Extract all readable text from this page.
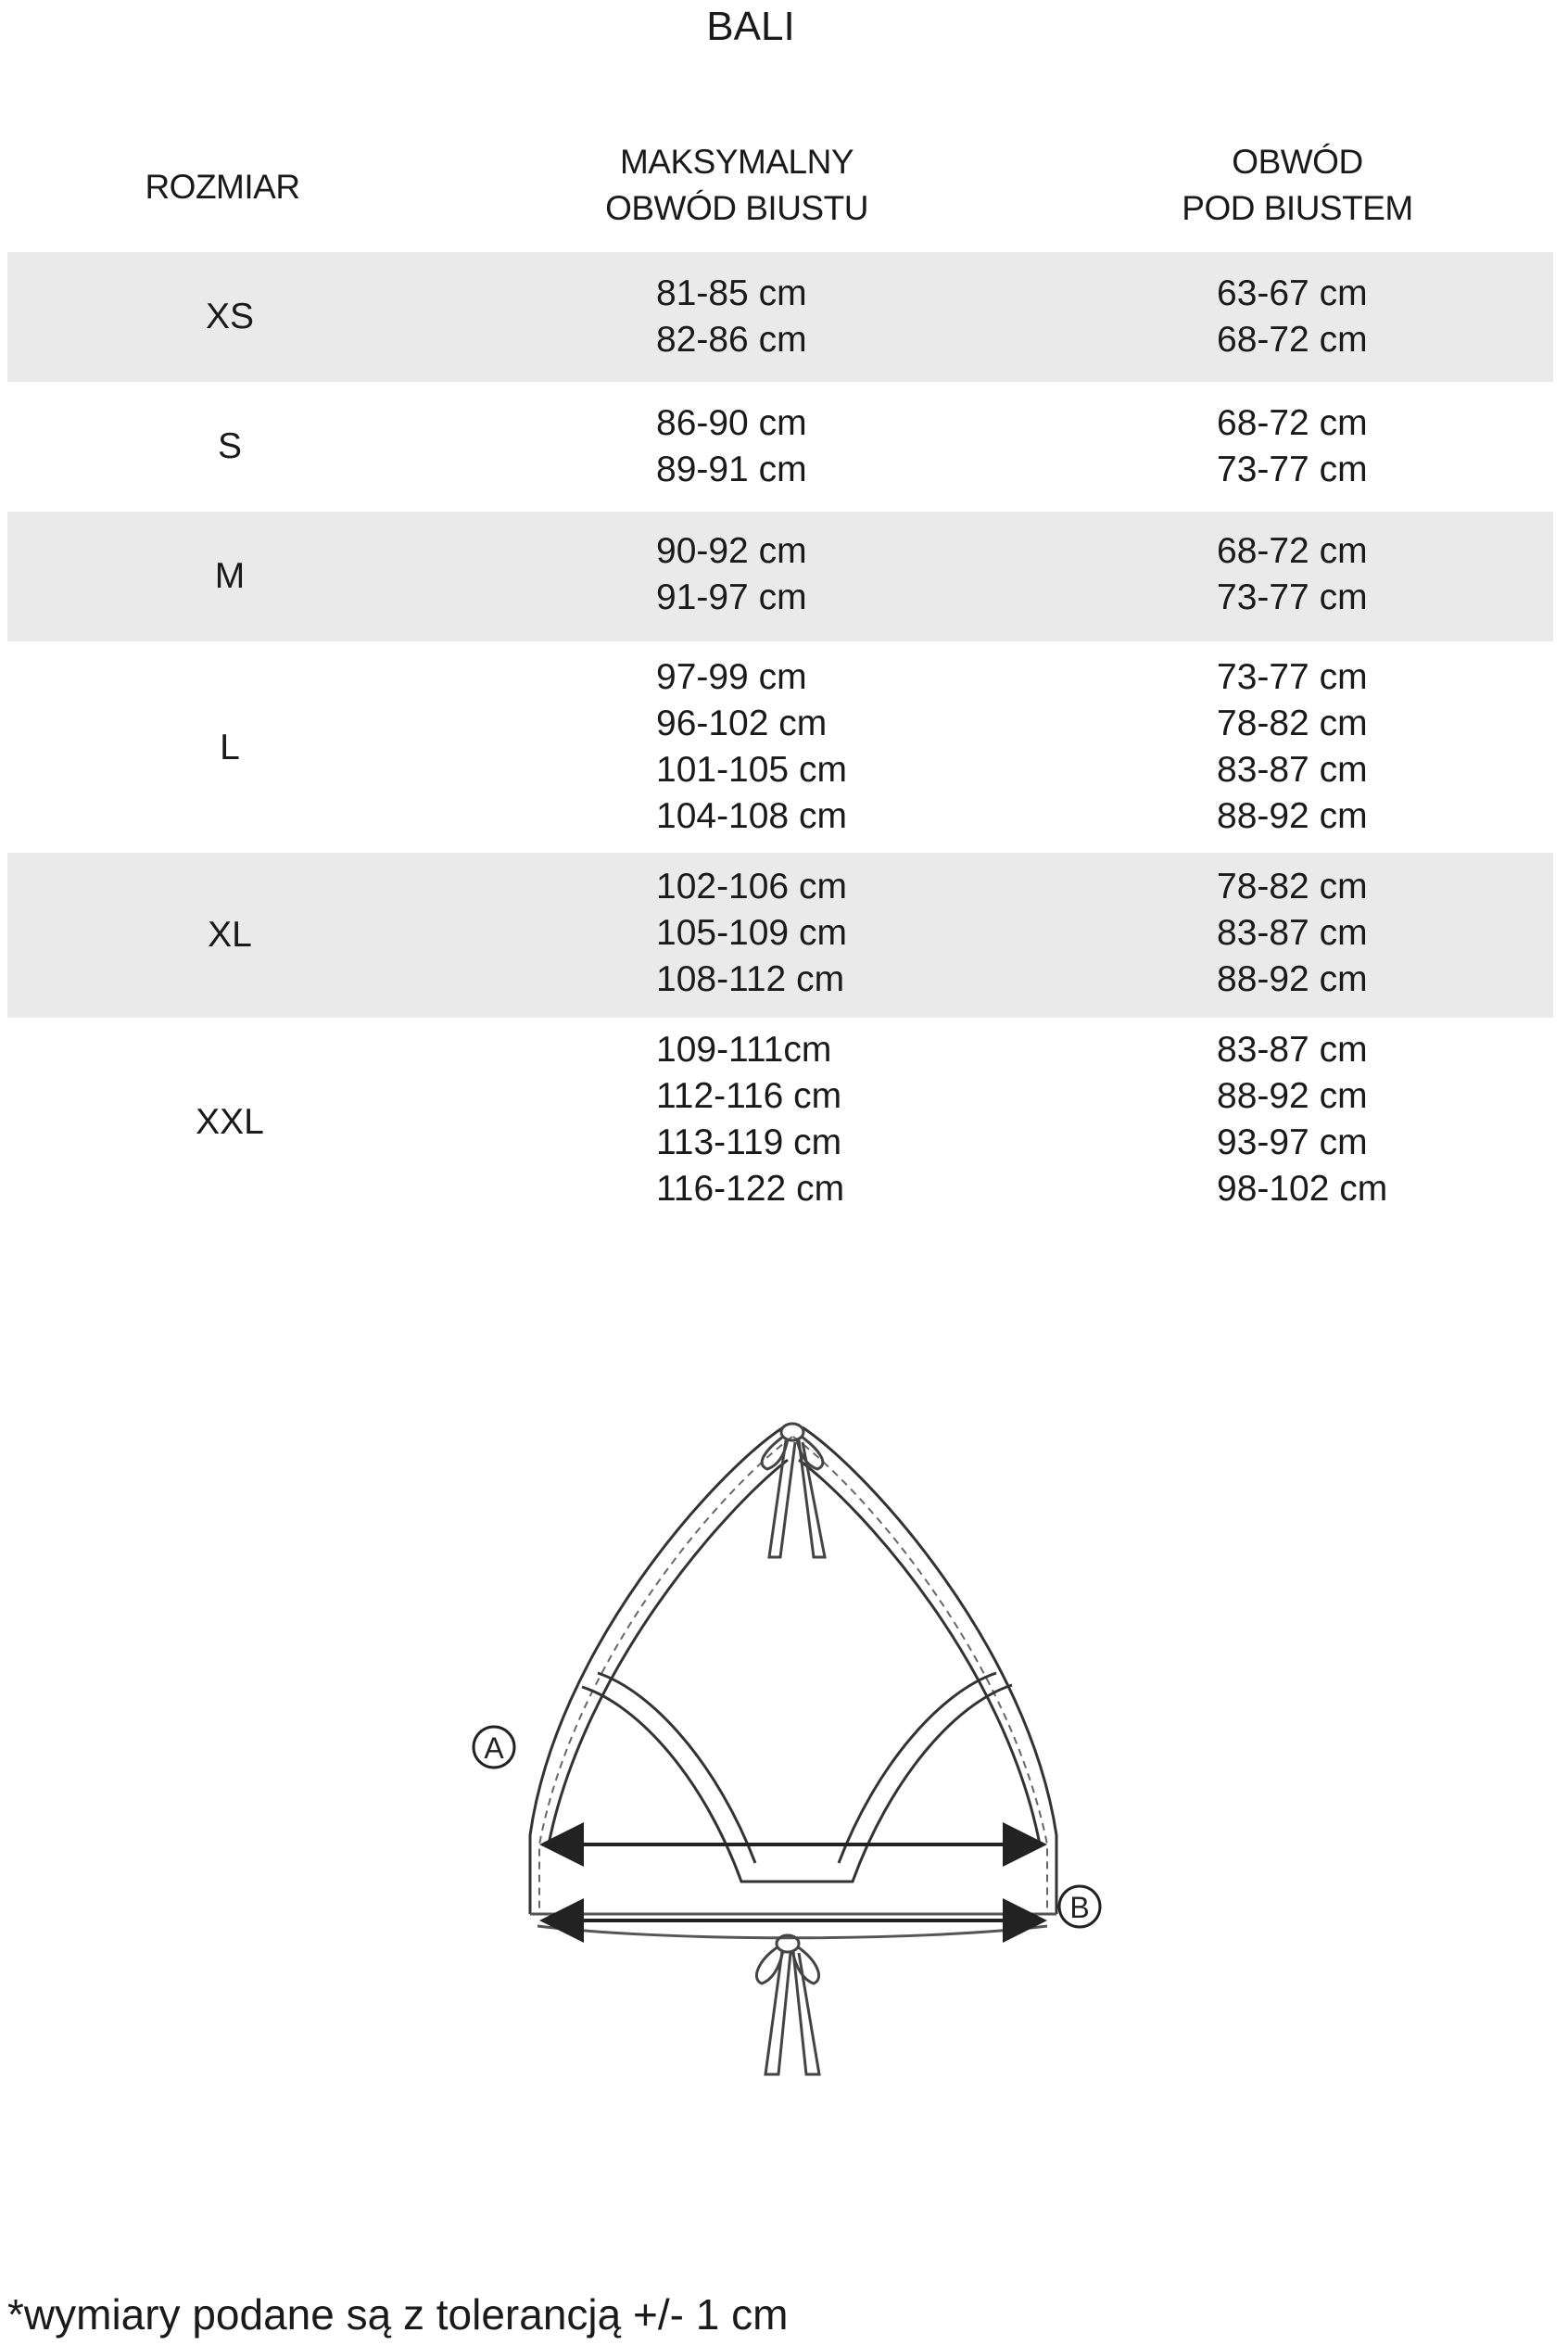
BALI
ROZMIAR
MAKSYMALNY
OBWÓD BIUSTU
OBWÓD
POD BIUSTEM
XS
81-85 cm
82-86 cm
63-67 cm
68-72 cm
S
86-90 cm
89-91 cm
68-72 cm
73-77 cm
M
90-92 cm
91-97 cm
68-72 cm
73-77 cm
L
97-99 cm
96-102 cm
101-105 cm
104-108 cm
73-77 cm
78-82 cm
83-87 cm
88-92 cm
XL
102-106 cm
105-109 cm
108-112 cm
78-82 cm
83-87 cm
88-92 cm
XXL
109-111cm
112-116 cm
113-119 cm
116-122 cm
83-87 cm
88-92 cm
93-97 cm
98-102 cm
A
B
*wymiary podane są z tolerancją +/- 1 cm
